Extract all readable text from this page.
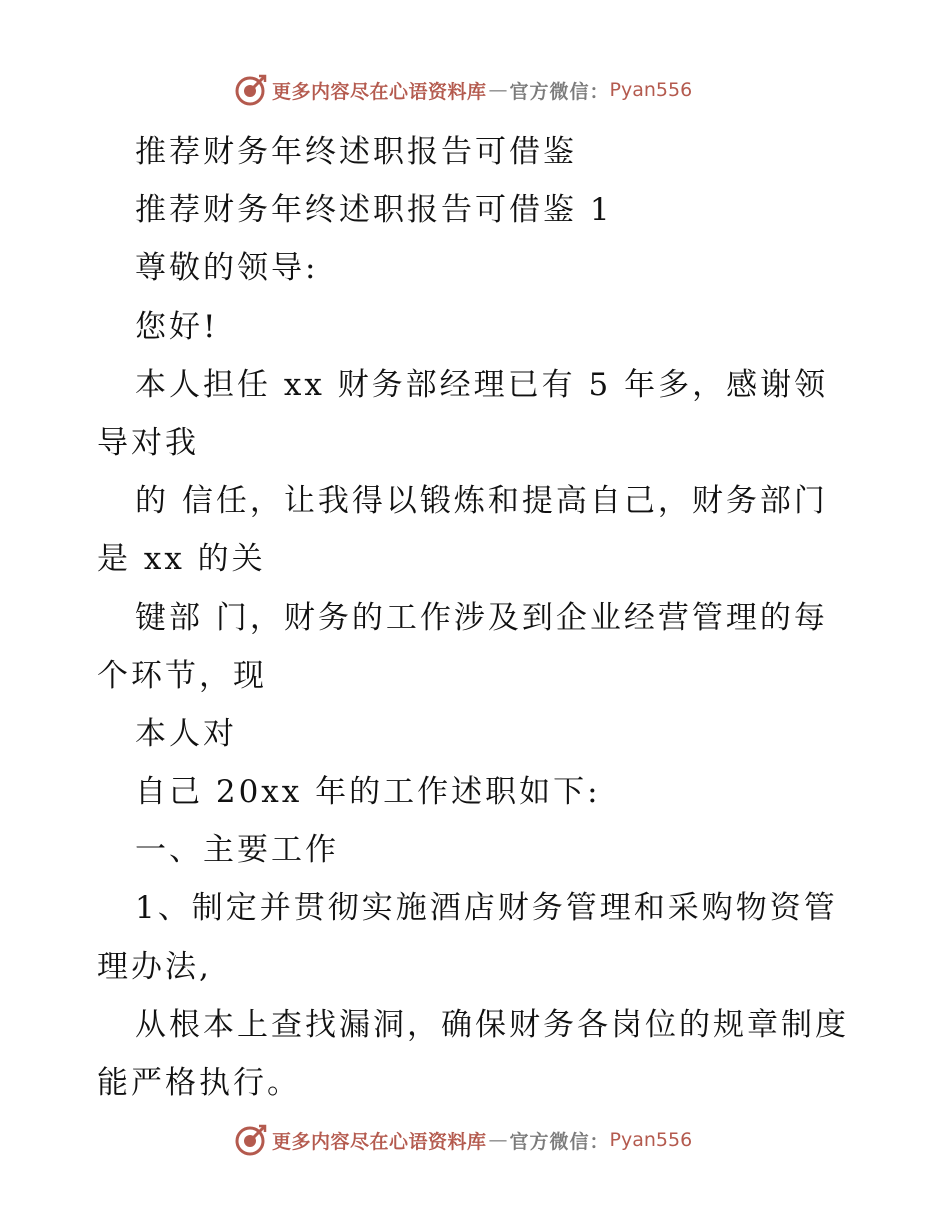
更多内容尽在心语资料库 — 官方微信： Pyan556
推荐财务年终述职报告可借鉴
推荐财务年终述职报告可借鉴 1
尊敬的领导:
您好!
本人担任 xx 财务部经理已有 5 年多，感谢领
导对我
的 信任，让我得以锻炼和提高自己，财务部门
是 xx 的关
键部 门，财务的工作涉及到企业经营管理的每
个环节，现
本人对
自己 20xx 年的工作述职如下:
一、主要工作
1、制定并贯彻实施酒店财务管理和采购物资管
理办法,
从根本上查找漏洞，确保财务各岗位的规章制度
能严格执行。
更多内容尽在心语资料库 — 官方微信： Pyan556
